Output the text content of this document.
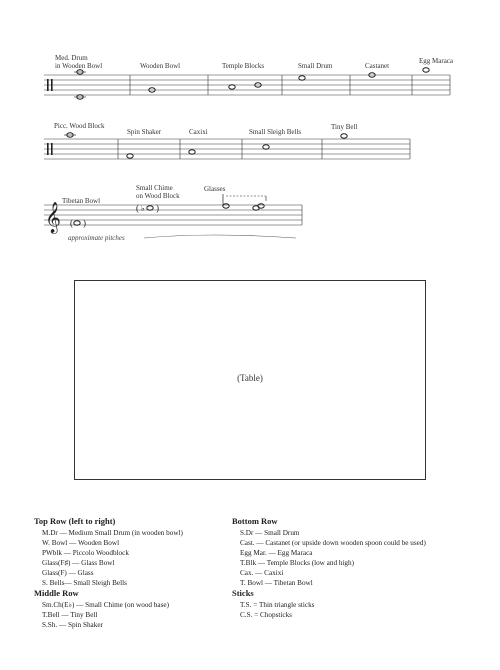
Med. Drum
in Wooden Bowl	Wooden Bowl	Temple Blocks	Small Drum	Castanet
Egg Maraca
Picc. Wood Block
Spin Shaker	Caxixi	Small Sleigh Bells
Tiny Bell
𝄞 ( )
( ♭ )
Tibetan Bowl
Small Chime
on Wood Block
Glasses
approximate pitches
(Table)
Top Row (left to right)
M.Dr — Medium Small Drum (in wooden bowl)
W. Bowl — Wooden Bowl
PWblk — Piccolo Woodblock
Glass(F♯) — Glass Bowl
Glass(F) — Glass
S. Bells— Small Sleigh Bells
Middle Row
Sm.Ch(E♭) — Small Chime (on wood base)
T.Bell — Tiny Bell
S.Sh. — Spin Shaker
Bottom Row
S.Dr — Small Drum
Cast. — Castanet (or upside down wooden spoon could be used)
Egg Mar. — Egg Maraca
T.Blk — Temple Blocks (low and high)
Cax. — Caxixi
T. Bowl — Tibetan Bowl
Sticks
T.S. = Thin triangle sticks
C.S. = Chopsticks
